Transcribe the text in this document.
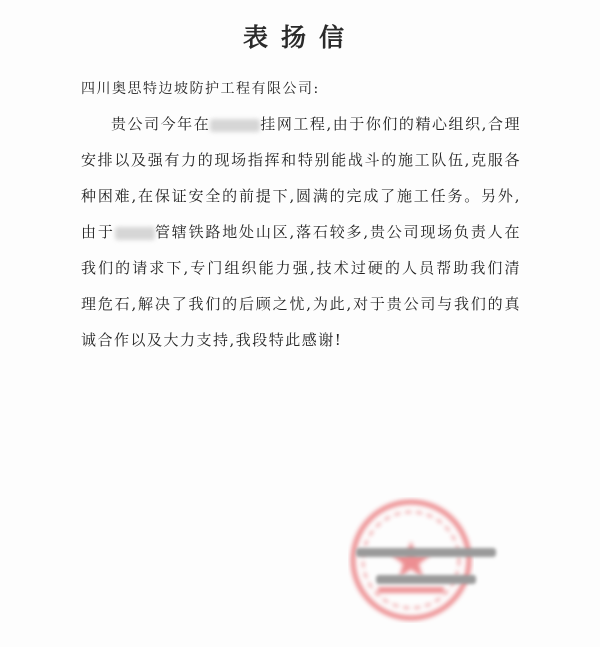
表扬信
四川奥思特边坡防护工程有限公司:
贵公司今年在	挂网工程,由于你们的精心组织,合理安排以及强有力的现场指挥和特别能战斗的施工队伍,克服各种困难,在保证安全的前提下,圆满的完成了施工任务。另外,由于	管辖铁路地处山区,落石较多,贵公司现场负责人在我们的请求下,专门组织能力强,技术过硬的人员帮助我们清理危石,解决了我们的后顾之忧,为此,对于贵公司与我们的真诚合作以及大力支持,我段特此感谢!
